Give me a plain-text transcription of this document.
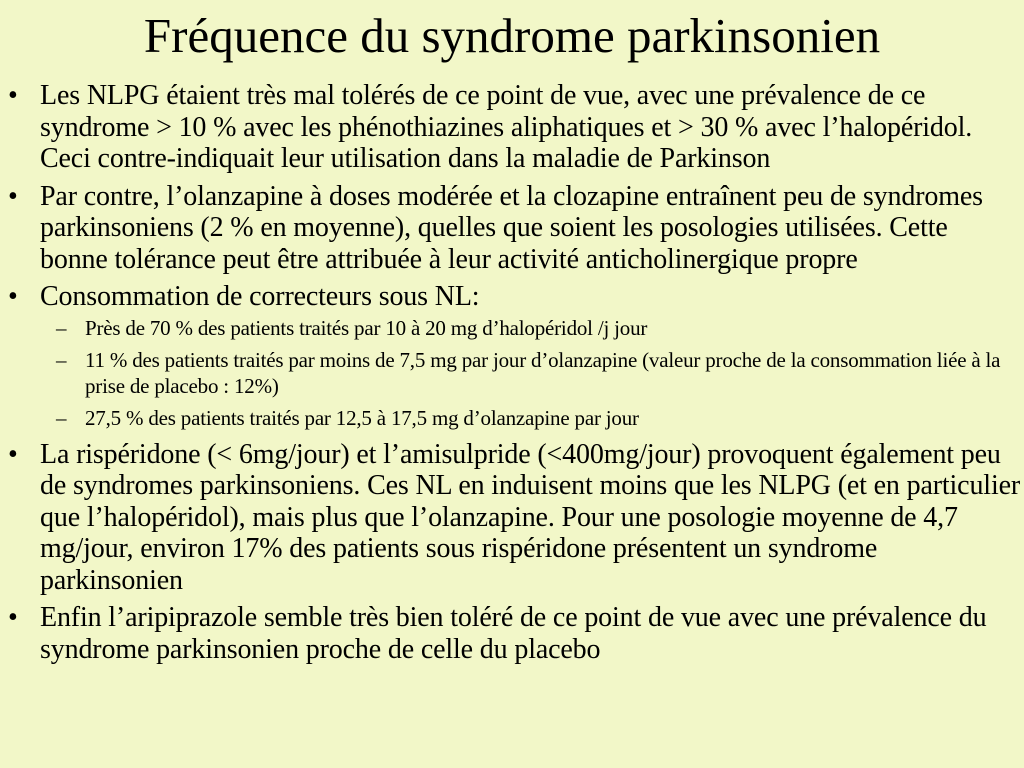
Fréquence du syndrome parkinsonien
• Les NLPG étaient très mal tolérés de ce point de vue, avec une prévalence de ce syndrome > 10 % avec les phénothiazines aliphatiques et > 30 % avec l’halopéridol. Ceci contre-indiquait leur utilisation dans la maladie de Parkinson
• Par contre, l’olanzapine à doses modérée et la clozapine entraînent peu de syndromes parkinsoniens (2 % en moyenne), quelles que soient les posologies utilisées. Cette bonne tolérance peut être attribuée à leur activité anticholinergique propre
• Consommation de correcteurs sous NL:
– Près de 70 % des patients traités par 10 à 20 mg d’halopéridol /j jour
– 11 % des patients traités par moins de 7,5 mg par jour d’olanzapine (valeur proche de la consommation liée à la prise de placebo : 12%)
– 27,5 % des patients traités par 12,5 à 17,5 mg d’olanzapine par jour
• La rispéridone (< 6mg/jour) et l’amisulpride (<400mg/jour) provoquent également peu de syndromes parkinsoniens. Ces NL en induisent moins que les NLPG (et en particulier que l’halopéridol), mais plus que l’olanzapine. Pour une posologie moyenne de 4,7 mg/jour, environ 17% des patients sous rispéridone présentent un syndrome parkinsonien
• Enfin l’aripiprazole semble très bien toléré de ce point de vue avec une prévalence du syndrome parkinsonien proche de celle du placebo
